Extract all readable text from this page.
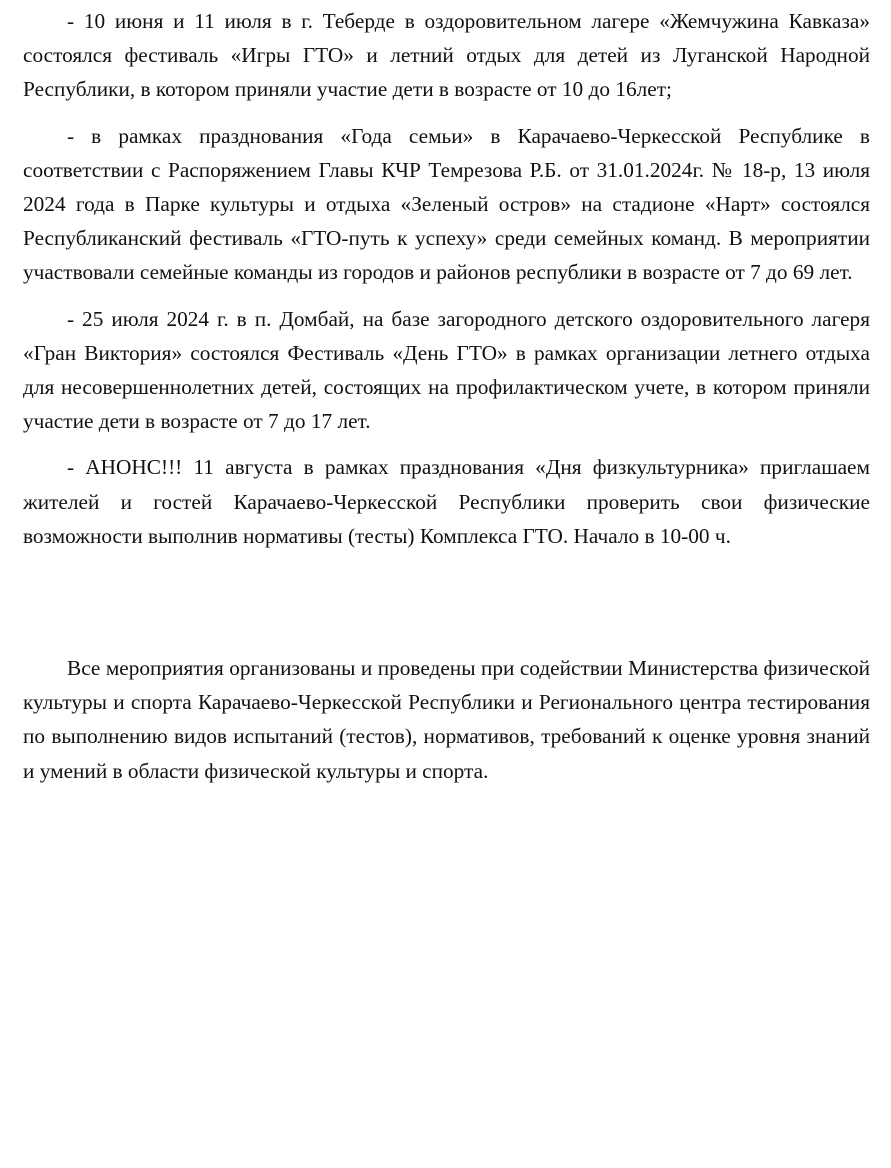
- 10 июня и 11 июля в г. Теберде в оздоровительном лагере «Жемчужина Кавказа» состоялся фестиваль «Игры ГТО» и летний отдых для детей из Луганской Народной Республики, в котором приняли участие дети в возрасте от 10 до 16лет;

- в рамках празднования «Года семьи» в Карачаево-Черкесской Республике в соответствии с Распоряжением Главы КЧР Темрезова Р.Б. от 31.01.2024г. № 18-р, 13 июля 2024 года в Парке культуры и отдыха «Зеленый остров» на стадионе «Нарт» состоялся Республиканский фестиваль «ГТО-путь к успеху» среди семейных команд. В мероприятии участвовали семейные команды из городов и районов республики в возрасте от 7 до 69 лет.

- 25 июля 2024 г. в п. Домбай, на базе загородного детского оздоровительного лагеря «Гран Виктория» состоялся Фестиваль «День ГТО» в рамках организации летнего отдыха для несовершеннолетних детей, состоящих на профилактическом учете, в котором приняли участие дети в возрасте от 7 до 17 лет.

- АНОНС!!! 11 августа в рамках празднования «Дня физкультурника» приглашаем жителей и гостей Карачаево-Черкесской Республики проверить свои физические возможности выполнив нормативы (тесты) Комплекса ГТО. Начало в 10-00 ч.

Все мероприятия организованы и проведены при содействии Министерства физической культуры и спорта Карачаево-Черкесской Республики и Регионального центра тестирования по выполнению видов испытаний (тестов), нормативов, требований к оценке уровня знаний и умений в области физической культуры и спорта.
